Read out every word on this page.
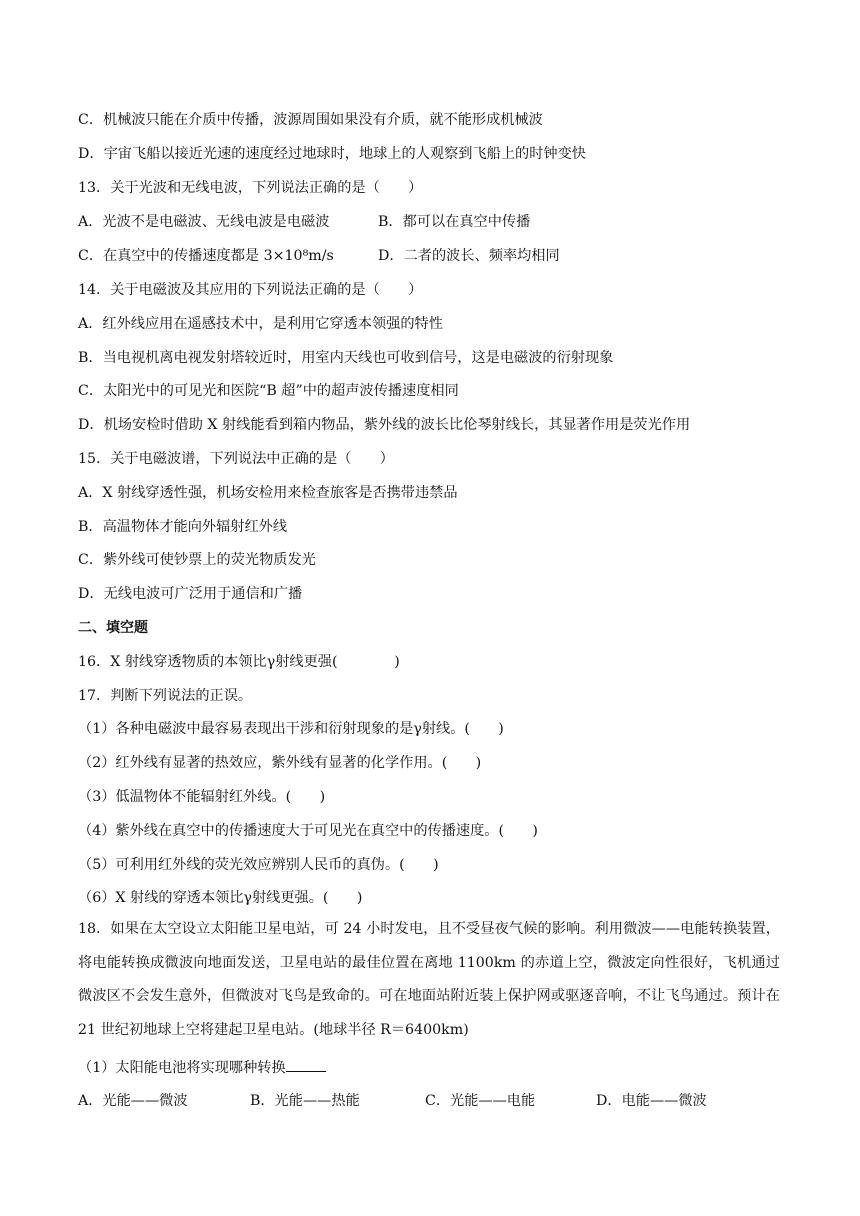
C．机械波只能在介质中传播，波源周围如果没有介质，就不能形成机械波
D．宇宙飞船以接近光速的速度经过地球时，地球上的人观察到飞船上的时钟变快
13．关于光波和无线电波，下列说法正确的是（　　）
A．光波不是电磁波、无线电波是电磁波	B．都可以在真空中传播
C．在真空中的传播速度都是 3×10⁸m/s	D．二者的波长、频率均相同
14．关于电磁波及其应用的下列说法正确的是（　　）
A．红外线应用在遥感技术中，是利用它穿透本领强的特性
B．当电视机离电视发射塔较近时，用室内天线也可收到信号，这是电磁波的衍射现象
C．太阳光中的可见光和医院“B 超”中的超声波传播速度相同
D．机场安检时借助 X 射线能看到箱内物品，紫外线的波长比伦琴射线长，其显著作用是荧光作用
15．关于电磁波谱，下列说法中正确的是（　　）
A．X 射线穿透性强，机场安检用来检查旅客是否携带违禁品
B．高温物体才能向外辐射红外线
C．紫外线可使钞票上的荧光物质发光
D．无线电波可广泛用于通信和广播
二、填空题
16．X 射线穿透物质的本领比γ射线更强(　　　　)
17．判断下列说法的正误。
（1）各种电磁波中最容易表现出干涉和衍射现象的是γ射线。(　　)
（2）红外线有显著的热效应，紫外线有显著的化学作用。(　　)
（3）低温物体不能辐射红外线。(　　)
（4）紫外线在真空中的传播速度大于可见光在真空中的传播速度。(　　)
（5）可利用红外线的荧光效应辨别人民币的真伪。(　　)
（6）X 射线的穿透本领比γ射线更强。(　　)
18．如果在太空设立太阳能卫星电站，可 24 小时发电，且不受昼夜气候的影响。利用微波——电能转换装置，将电能转换成微波向地面发送，卫星电站的最佳位置在离地 1100km 的赤道上空，微波定向性很好，飞机通过微波区不会发生意外，但微波对飞鸟是致命的。可在地面站附近装上保护网或驱逐音响，不让飞鸟通过。预计在 21 世纪初地球上空将建起卫星电站。(地球半径 R＝6400km)
（1）太阳能电池将实现哪种转换
A．光能——微波	B．光能——热能	C．光能——电能	D．电能——微波
